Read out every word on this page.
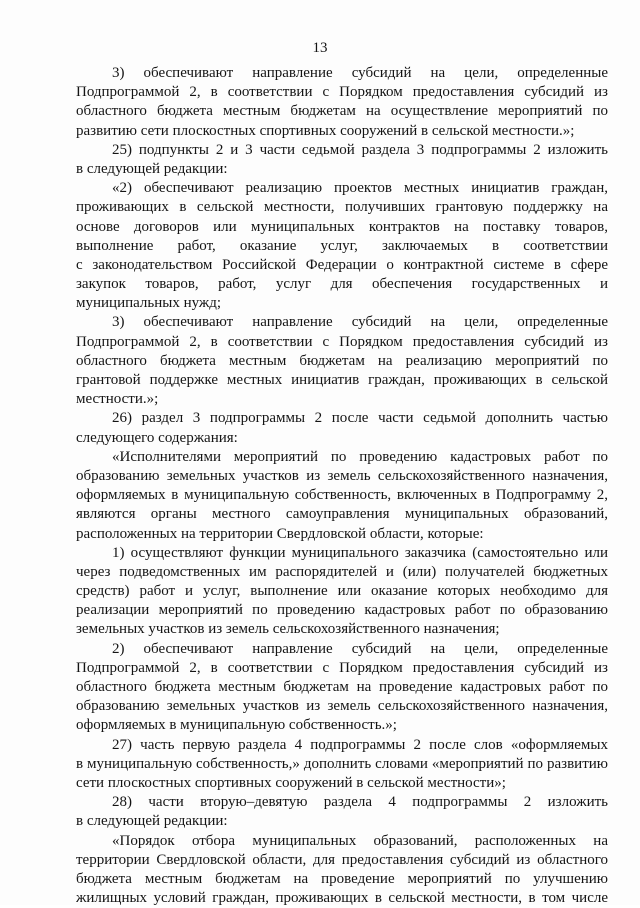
13
3) обеспечивают направление субсидий на цели, определенные
Подпрограммой 2, в соответствии с Порядком предоставления субсидий из
областного бюджета местным бюджетам на осуществление мероприятий по
развитию сети плоскостных спортивных сооружений в сельской местности.»;
25) подпункты 2 и 3 части седьмой раздела 3 подпрограммы 2 изложить
в следующей редакции:
«2) обеспечивают реализацию проектов местных инициатив граждан,
проживающих в сельской местности, получивших грантовую поддержку на
основе договоров или муниципальных контрактов на поставку товаров,
выполнение работ, оказание услуг, заключаемых в соответствии
с законодательством Российской Федерации о контрактной системе в сфере
закупок товаров, работ, услуг для обеспечения государственных и
муниципальных нужд;
3) обеспечивают направление субсидий на цели, определенные
Подпрограммой 2, в соответствии с Порядком предоставления субсидий из
областного бюджета местным бюджетам на реализацию мероприятий по
грантовой поддержке местных инициатив граждан, проживающих в сельской
местности.»;
26) раздел 3 подпрограммы 2 после части седьмой дополнить частью
следующего содержания:
«Исполнителями мероприятий по проведению кадастровых работ по
образованию земельных участков из земель сельскохозяйственного назначения,
оформляемых в муниципальную собственность, включенных в Подпрограмму 2,
являются органы местного самоуправления муниципальных образований,
расположенных на территории Свердловской области, которые:
1) осуществляют функции муниципального заказчика (самостоятельно или
через подведомственных им распорядителей и (или) получателей бюджетных
средств) работ и услуг, выполнение или оказание которых необходимо для
реализации мероприятий по проведению кадастровых работ по образованию
земельных участков из земель сельскохозяйственного назначения;
2) обеспечивают направление субсидий на цели, определенные
Подпрограммой 2, в соответствии с Порядком предоставления субсидий из
областного бюджета местным бюджетам на проведение кадастровых работ по
образованию земельных участков из земель сельскохозяйственного назначения,
оформляемых в муниципальную собственность.»;
27) часть первую раздела 4 подпрограммы 2 после слов «оформляемых
в муниципальную собственность,» дополнить словами «мероприятий по развитию
сети плоскостных спортивных сооружений в сельской местности»;
28) части вторую–девятую раздела 4 подпрограммы 2 изложить
в следующей редакции:
«Порядок отбора муниципальных образований, расположенных на
территории Свердловской области, для предоставления субсидий из областного
бюджета местным бюджетам на проведение мероприятий по улучшению
жилищных условий граждан, проживающих в сельской местности, в том числе
